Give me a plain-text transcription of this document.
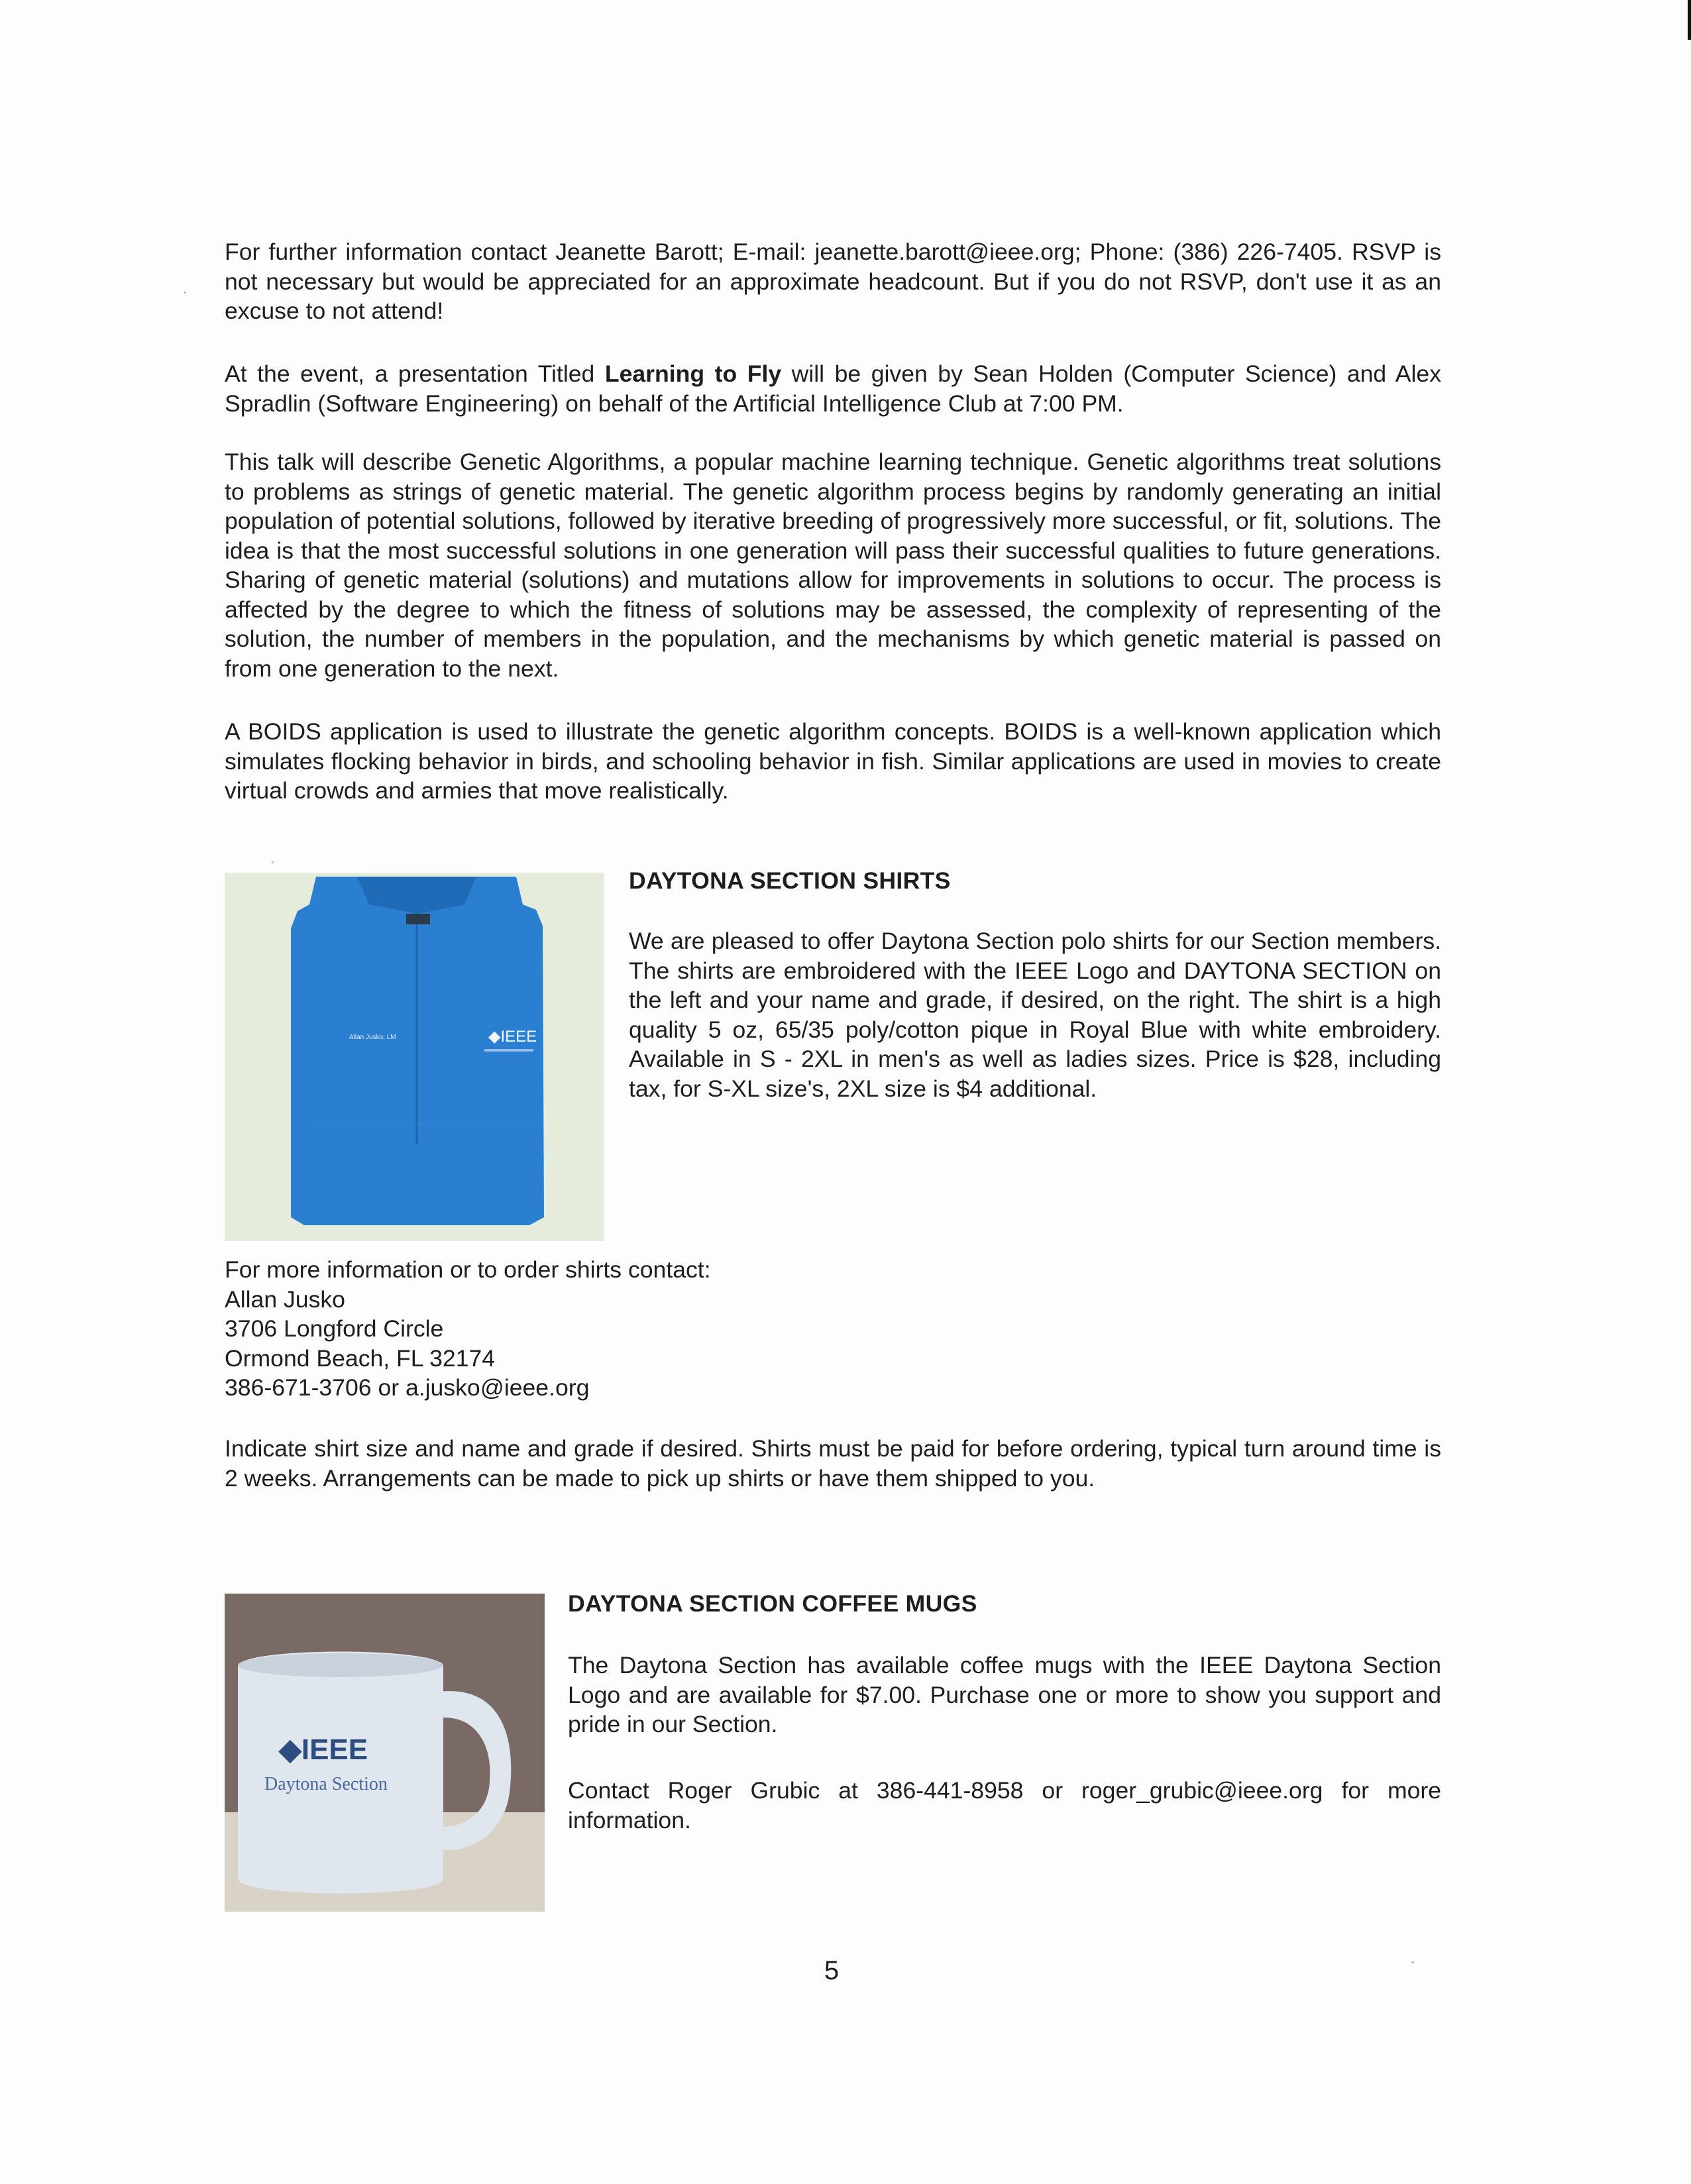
For further information contact Jeanette Barott; E-mail: jeanette.barott@ieee.org; Phone: (386) 226-7405. RSVP is not necessary but would be appreciated for an approximate headcount. But if you do not RSVP, don't use it as an excuse to not attend!

At the event, a presentation Titled Learning to Fly will be given by Sean Holden (Computer Science) and Alex Spradlin (Software Engineering) on behalf of the Artificial Intelligence Club at 7:00 PM.

This talk will describe Genetic Algorithms, a popular machine learning technique. Genetic algorithms treat solutions to problems as strings of genetic material. The genetic algorithm process begins by randomly generating an initial population of potential solutions, followed by iterative breeding of progressively more successful, or fit, solutions. The idea is that the most successful solutions in one generation will pass their successful qualities to future generations. Sharing of genetic material (solutions) and mutations allow for improvements in solutions to occur. The process is affected by the degree to which the fitness of solutions may be assessed, the complexity of representing of the solution, the number of members in the population, and the mechanisms by which genetic material is passed on from one generation to the next.

A BOIDS application is used to illustrate the genetic algorithm concepts. BOIDS is a well-known application which simulates flocking behavior in birds, and schooling behavior in fish. Similar applications are used in movies to create virtual crowds and armies that move realistically.

◆IEEE
Allan Jusko, LM
DAYTONA SECTION SHIRTS

We are pleased to offer Daytona Section polo shirts for our Section members. The shirts are embroidered with the IEEE Logo and DAYTONA SECTION on the left and your name and grade, if desired, on the right. The shirt is a high quality 5 oz, 65/35 poly/cotton pique in Royal Blue with white embroidery. Available in S - 2XL in men's as well as ladies sizes. Price is $28, including tax, for S-XL size's, 2XL size is $4 additional.

For more information or to order shirts contact:
Allan Jusko
3706 Longford Circle
Ormond Beach, FL 32174
386-671-3706 or a.jusko@ieee.org

Indicate shirt size and name and grade if desired. Shirts must be paid for before ordering, typical turn around time is 2 weeks. Arrangements can be made to pick up shirts or have them shipped to you.

◆IEEE
Daytona Section
DAYTONA SECTION COFFEE MUGS

The Daytona Section has available coffee mugs with the IEEE Daytona Section Logo and are available for $7.00. Purchase one or more to show you support and pride in our Section.

Contact Roger Grubic at 386-441-8958 or roger_grubic@ieee.org for more information.

5
